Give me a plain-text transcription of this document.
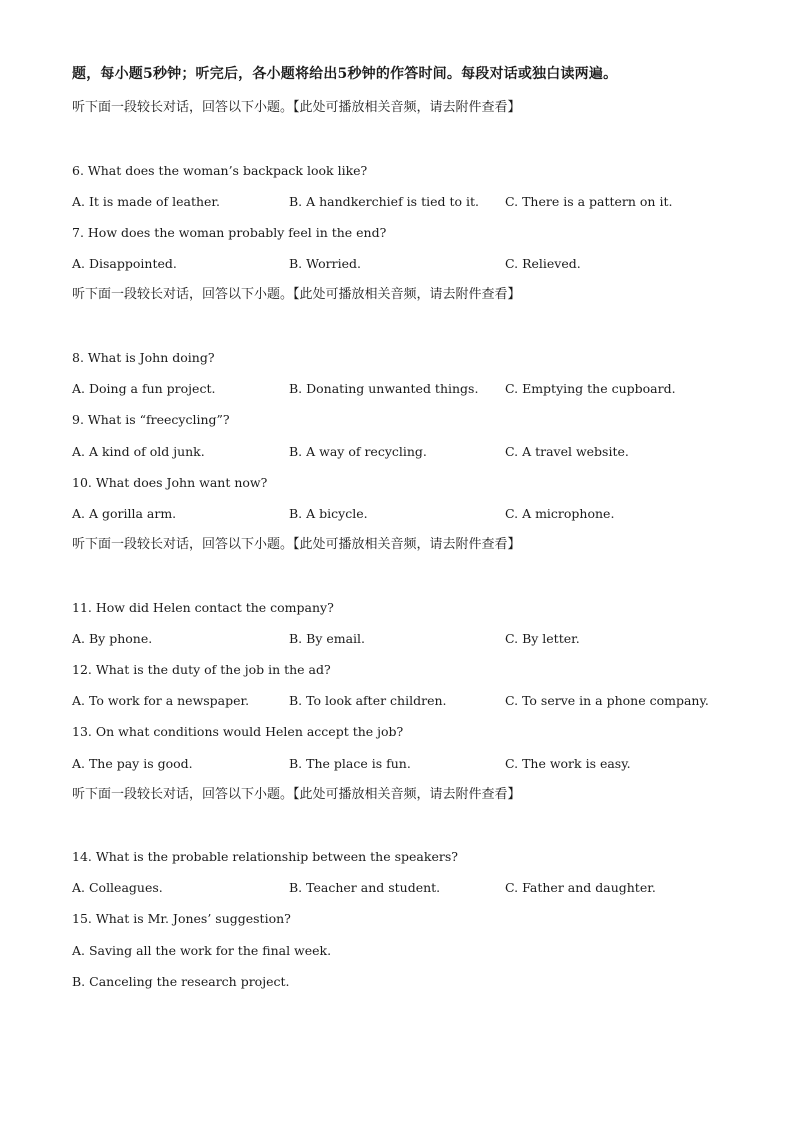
题，每小题5秒钟；听完后，各小题将给出5秒钟的作答时间。每段对话或独白读两遍。
听下面一段较长对话，回答以下小题。【此处可播放相关音频，请去附件查看】
6. What does the woman’s backpack look like?
A. It is made of leather.	B. A handkerchief is tied to it. C. There is a pattern on it.
7. How does the woman probably feel in the end?
A. Disappointed.	B. Worried.	C. Relieved.
听下面一段较长对话，回答以下小题。【此处可播放相关音频，请去附件查看】
8. What is John doing?
A. Doing a fun project.	B. Donating unwanted things. C. Emptying the cupboard.
9. What is “freecycling”?
A. A kind of old junk.	B. A way of recycling.	C. A travel website.
10. What does John want now?
A. A gorilla arm.	B. A bicycle.	C. A microphone.
听下面一段较长对话，回答以下小题。【此处可播放相关音频，请去附件查看】
11. How did Helen contact the company?
A. By phone.	B. By email.	C. By letter.
12. What is the duty of the job in the ad?
A. To work for a newspaper.	B. To look after children.	C. To serve in a phone company.
13. On what conditions would Helen accept the job?
A. The pay is good.	B. The place is fun.	C. The work is easy.
听下面一段较长对话，回答以下小题。【此处可播放相关音频，请去附件查看】
14. What is the probable relationship between the speakers?
A. Colleagues.	B. Teacher and student.	C. Father and daughter.
15. What is Mr. Jones’ suggestion?
A. Saving all the work for the final week.
B. Canceling the research project.
